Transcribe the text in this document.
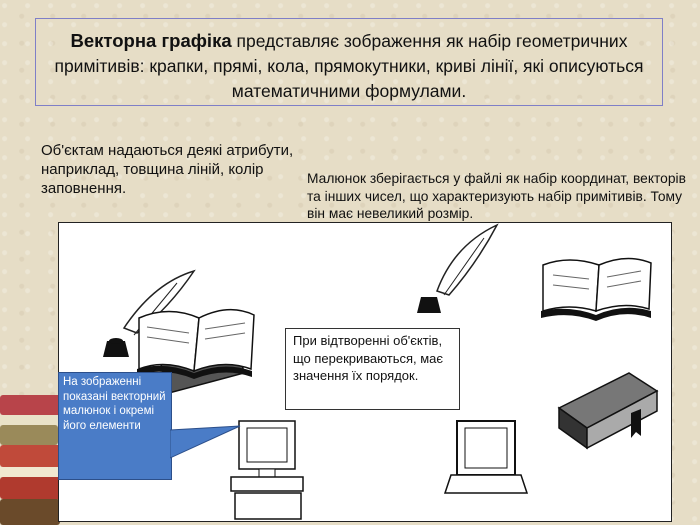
Векторна графіка представляє зображення як набір геометричних примітивів: крапки, прямі, кола, прямокутники, криві лінії, які описуються математичними формулами.
Об'єктам надаються деякі атрибути, наприклад, товщина ліній, колір заповнення.
Малюнок зберігається у файлі як набір координат, векторів та інших чисел, що характеризують набір примітивів. Тому він має невеликий розмір.
При відтворенні об'єктів, що перекриваються, має значення їх порядок.
На зображенні показані векторний малюнок і окремі його елементи
